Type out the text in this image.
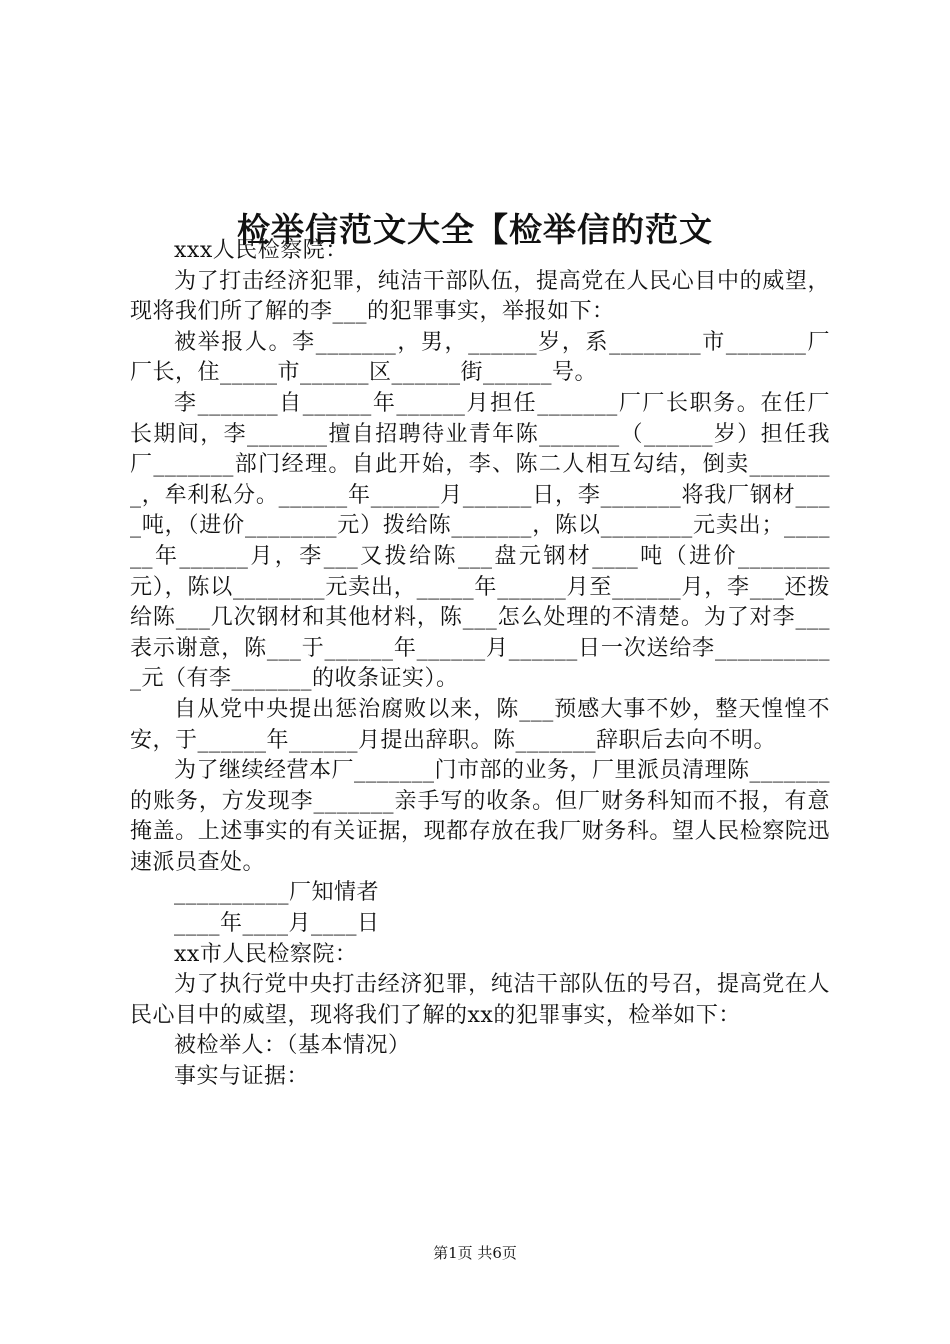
检举信范文大全【检举信的范文

xxx人民检察院：

为了打击经济犯罪，纯洁干部队伍，提高党在人民心目中的威望，现将我们所了解的李___的犯罪事实，举报如下：

被举报人。李_______，男，______岁，系________市_______厂厂长，住_____市______区______街______号。

李_______自______年______月担任_______厂厂长职务。在任厂长期间，李_______擅自招聘待业青年陈_______（______岁）担任我厂_______部门经理。自此开始，李、陈二人相互勾结，倒卖________，牟利私分。______年______月______日，李_______将我厂钢材____吨，（进价________元）拨给陈_______，陈以________元卖出；______年______月，李___又拨给陈___盘元钢材____吨（进价________元），陈以________元卖出，_____年______月至______月，李___还拨给陈___几次钢材和其他材料，陈___怎么处理的不清楚。为了对李___表示谢意，陈___于______年______月______日一次送给李___________元（有李_______的收条证实）。

自从党中央提出惩治腐败以来，陈___预感大事不妙，整天惶惶不安，于______年______月提出辞职。陈_______辞职后去向不明。

为了继续经营本厂_______门市部的业务，厂里派员清理陈_______的账务，方发现李_______亲手写的收条。但厂财务科知而不报，有意掩盖。上述事实的有关证据，现都存放在我厂财务科。望人民检察院迅速派员查处。

__________厂知情者

____年____月____日

xx市人民检察院：

为了执行党中央打击经济犯罪，纯洁干部队伍的号召，提高党在人民心目中的威望，现将我们了解的xx的犯罪事实，检举如下：

被检举人：（基本情况）

事实与证据：

第1页 共6页
